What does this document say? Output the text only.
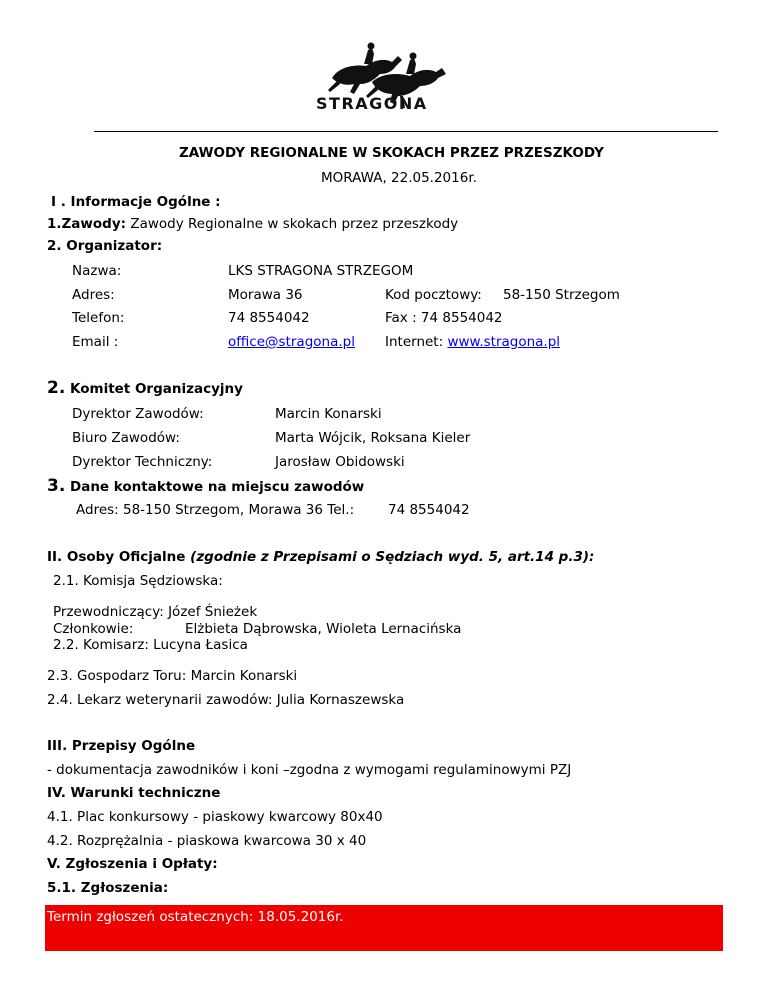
STRAGONA
ZAWODY REGIONALNE W SKOKACH PRZEZ PRZESZKODY
MORAWA, 22.05.2016r.
I . Informacje Ogólne :
1.Zawody: Zawody Regionalne w skokach przez przeszkody
2. Organizator:
Nazwa:	LKS STRAGONA STRZEGOM
Adres:	Morawa 36	Kod pocztowy: 58-150 Strzegom
Telefon:	74 8554042	Fax : 74 8554042
Email :	office@stragona.pl Internet: www.stragona.pl
2. Komitet Organizacyjny
Dyrektor Zawodów:	Marcin Konarski
Biuro Zawodów:	Marta Wójcik, Roksana Kieler
Dyrektor Techniczny:	Jarosław Obidowski
3. Dane kontaktowe na miejscu zawodów
Adres: 58-150 Strzegom, Morawa 36 Tel.:	74 8554042
II. Osoby Oficjalne (zgodnie z Przepisami o Sędziach wyd. 5, art.14 p.3):
2.1. Komisja Sędziowska:
Przewodniczący: Józef Śnieżek
Członkowie:	Elżbieta Dąbrowska, Wioleta Lernacińska
2.2. Komisarz: Lucyna Łasica
2.3. Gospodarz Toru: Marcin Konarski
2.4. Lekarz weterynarii zawodów: Julia Kornaszewska
III. Przepisy Ogólne
- dokumentacja zawodników i koni –zgodna z wymogami regulaminowymi PZJ
IV. Warunki techniczne
4.1. Plac konkursowy - piaskowy kwarcowy 80x40
4.2. Rozprężalnia - piaskowa kwarcowa 30 x 40
V. Zgłoszenia i Opłaty:
5.1. Zgłoszenia:
Termin zgłoszeń ostatecznych: 18.05.2016r.
